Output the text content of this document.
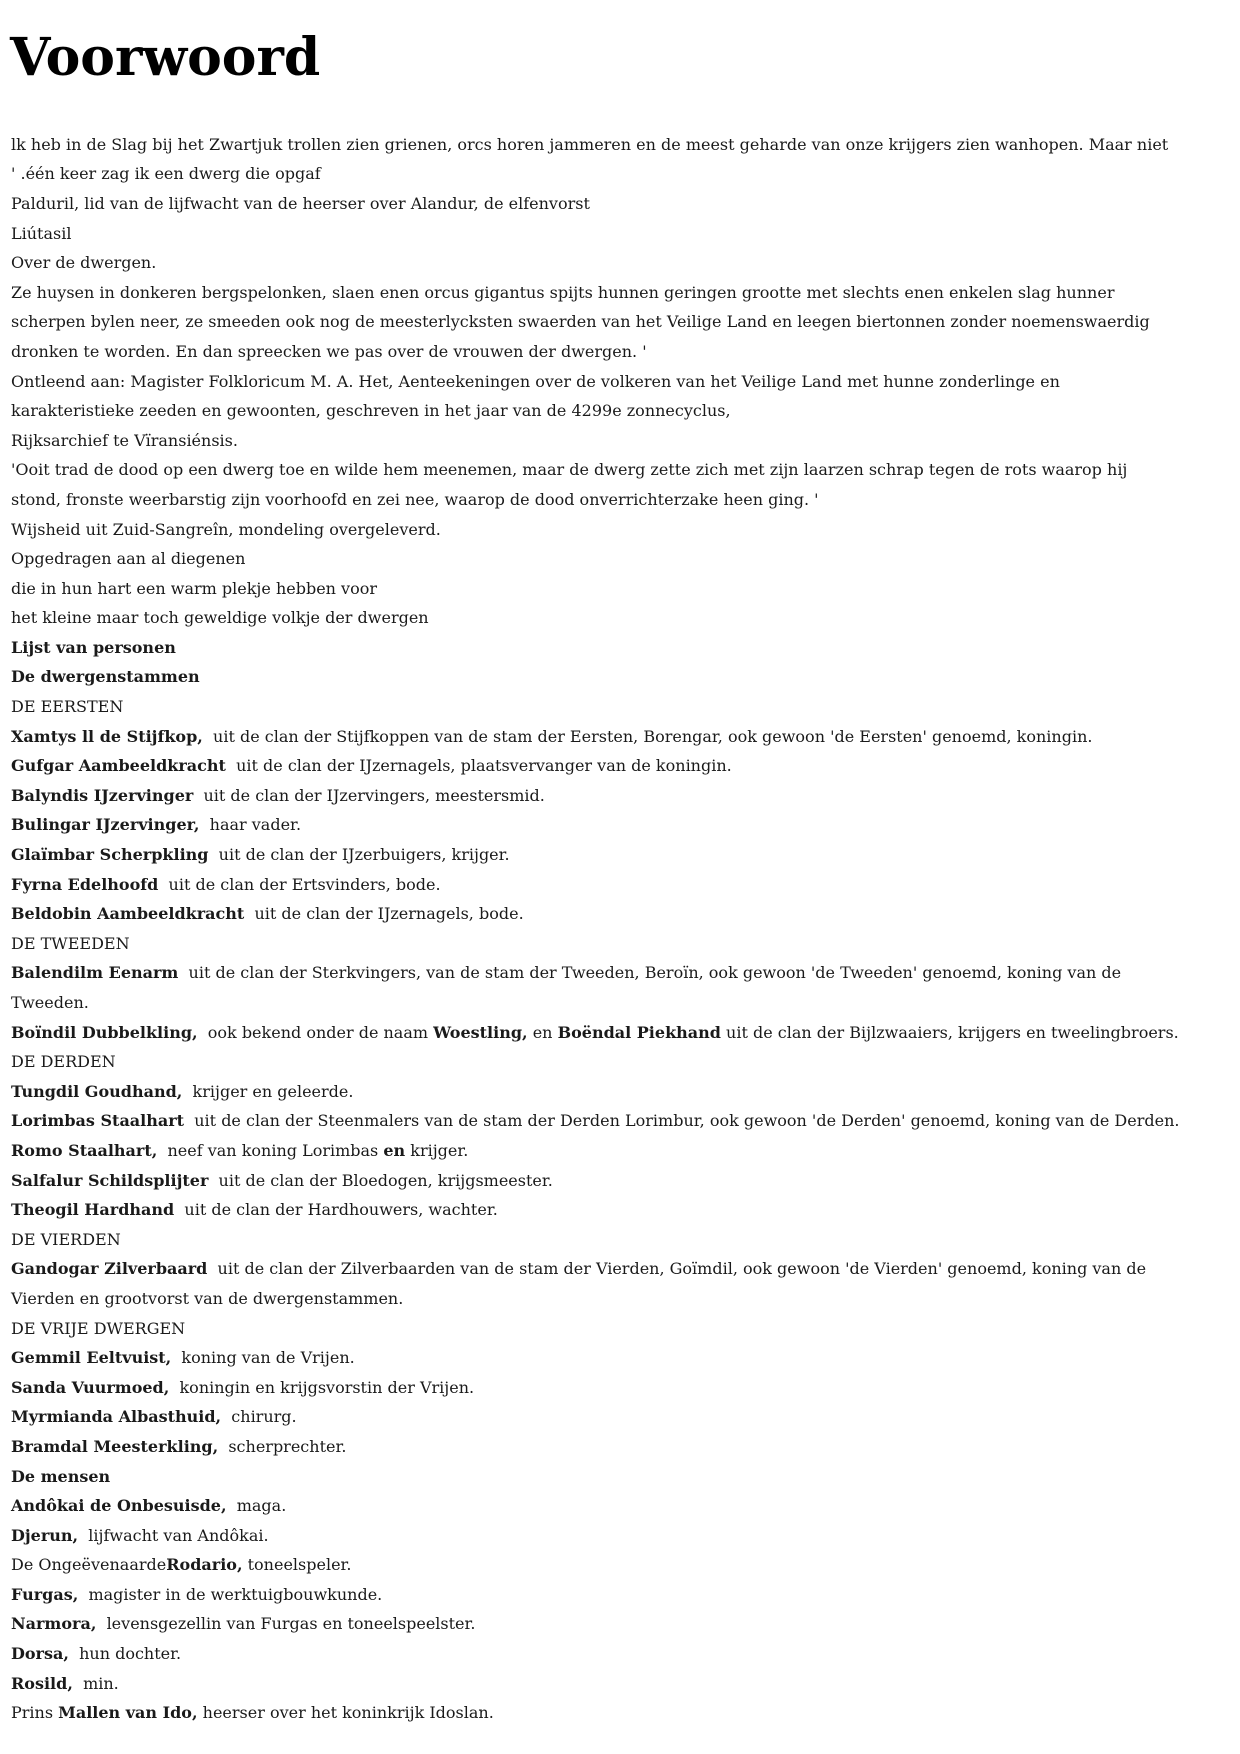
Voorwoord
lk heb in de Slag bij het Zwartjuk trollen zien grienen, orcs horen jammeren en de meest geharde van onze krijgers zien wanhopen. Maar niet
' .één keer zag ik een dwerg die opgaf
Palduril, lid van de lijfwacht van de heerser over Alandur, de elfenvorst
Liútasil
Over de dwergen.
Ze huysen in donkeren bergspelonken, slaen enen orcus gigantus spijts hunnen geringen grootte met slechts enen enkelen slag hunner
scherpen bylen neer, ze smeeden ook nog de meesterlycksten swaerden van het Veilige Land en leegen biertonnen zonder noemenswaerdig
dronken te worden. En dan spreecken we pas over de vrouwen der dwergen. '
Ontleend aan: Magister Folkloricum M. A. Het, Aenteekeningen over de volkeren van het Veilige Land met hunne zonderlinge en
karakteristieke zeeden en gewoonten, geschreven in het jaar van de 4299e zonnecyclus,
Rijksarchief te Vïransiénsis.
'Ooit trad de dood op een dwerg toe en wilde hem meenemen, maar de dwerg zette zich met zijn laarzen schrap tegen de rots waarop hij
stond, fronste weerbarstig zijn voorhoofd en zei nee, waarop de dood onverrichterzake heen ging. '
Wijsheid uit Zuid-Sangreîn, mondeling overgeleverd.
Opgedragen aan al diegenen
die in hun hart een warm plekje hebben voor
het kleine maar toch geweldige volkje der dwergen
Lijst van personen
De dwergenstammen
DE EERSTEN
Xamtys ll de Stijfkop,  uit de clan der Stijfkoppen van de stam der Eersten, Borengar, ook gewoon 'de Eersten' genoemd, koningin.
Gufgar Aambeeldkracht  uit de clan der IJzernagels, plaatsvervanger van de koningin.
Balyndis IJzervinger  uit de clan der IJzervingers, meestersmid.
Bulingar IJzervinger,  haar vader.
Glaïmbar Scherpkling  uit de clan der IJzerbuigers, krijger.
Fyrna Edelhoofd  uit de clan der Ertsvinders, bode.
Beldobin Aambeeldkracht  uit de clan der IJzernagels, bode.
DE TWEEDEN
Balendilm Eenarm  uit de clan der Sterkvingers, van de stam der Tweeden, Beroïn, ook gewoon 'de Tweeden' genoemd, koning van de
Tweeden.
Boïndil Dubbelkling,  ook bekend onder de naam Woestling, en Boëndal Piekhand uit de clan der Bijlzwaaiers, krijgers en tweelingbroers.
DE DERDEN
Tungdil Goudhand,  krijger en geleerde.
Lorimbas Staalhart  uit de clan der Steenmalers van de stam der Derden Lorimbur, ook gewoon 'de Derden' genoemd, koning van de Derden.
Romo Staalhart,  neef van koning Lorimbas en krijger.
Salfalur Schildsplijter  uit de clan der Bloedogen, krijgsmeester.
Theogil Hardhand  uit de clan der Hardhouwers, wachter.
DE VIERDEN
Gandogar Zilverbaard  uit de clan der Zilverbaarden van de stam der Vierden, Goïmdil, ook gewoon 'de Vierden' genoemd, koning van de
Vierden en grootvorst van de dwergenstammen.
DE VRIJE DWERGEN
Gemmil Eeltvuist,  koning van de Vrijen.
Sanda Vuurmoed,  koningin en krijgsvorstin der Vrijen.
Myrmianda Albasthuid,  chirurg.
Bramdal Meesterkling,  scherprechter.
De mensen
Andôkai de Onbesuisde,  maga.
Djerun,  lijfwacht van Andôkai.
De OngeëvenaardeRodario, toneelspeler.
Furgas,  magister in de werktuigbouwkunde.
Narmora,  levensgezellin van Furgas en toneelspeelster.
Dorsa,  hun dochter.
Rosild,  min.
Prins Mallen van Ido, heerser over het koninkrijk Idoslan.
